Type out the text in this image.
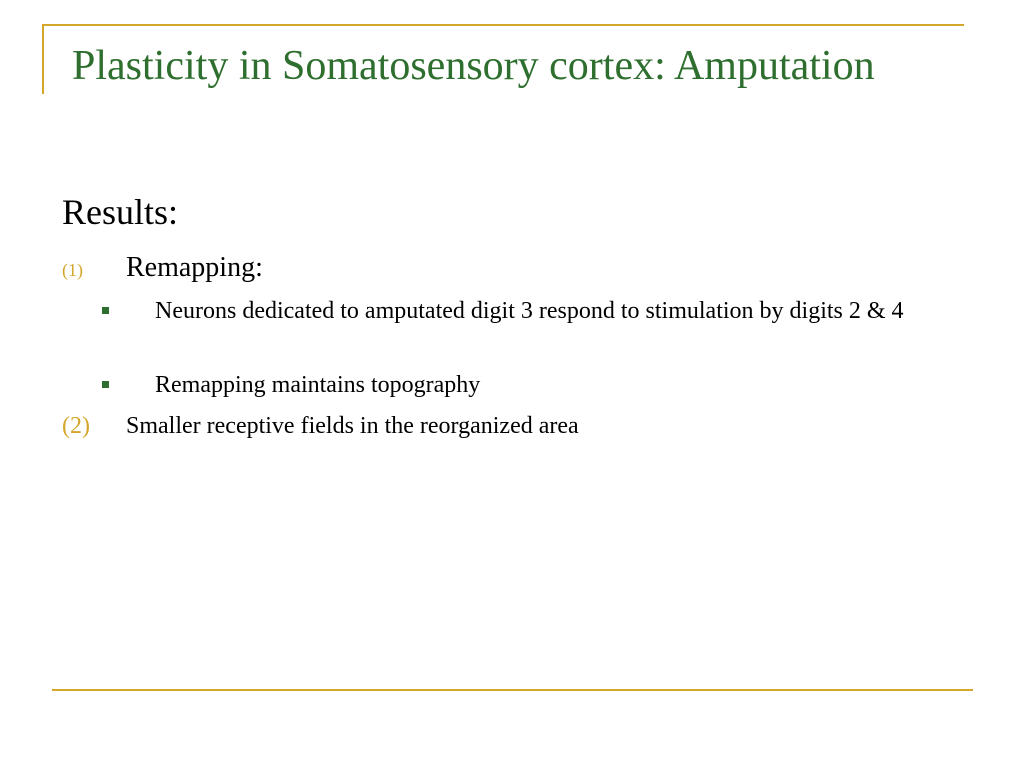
Plasticity in Somatosensory cortex: Amputation
Results:
(1)	Remapping:
Neurons dedicated to amputated digit 3 respond to stimulation by digits 2 & 4
Remapping maintains topography
(2)	Smaller receptive fields in the reorganized area
